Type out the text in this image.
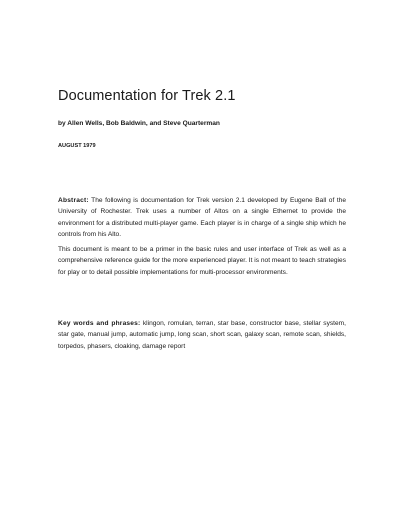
Documentation for Trek 2.1
by Allen Wells, Bob Baldwin, and Steve Quarterman
AUGUST 1979

Abstract: The following is documentation for Trek version 2.1 developed by Eugene Ball of the University of Rochester. Trek uses a number of Altos on a single Ethernet to provide the environment for a distributed multi-player game. Each player is in charge of a single ship which he controls from his Alto.

This document is meant to be a primer in the basic rules and user interface of Trek as well as a comprehensive reference guide for the more experienced player. It is not meant to teach strategies for play or to detail possible implementations for multi-processor environments.

Key words and phrases: klingon, romulan, terran, star base, constructor base, stellar system, star gate, manual jump, automatic jump, long scan, short scan, galaxy scan, remote scan, shields, torpedos, phasers, cloaking, damage report
